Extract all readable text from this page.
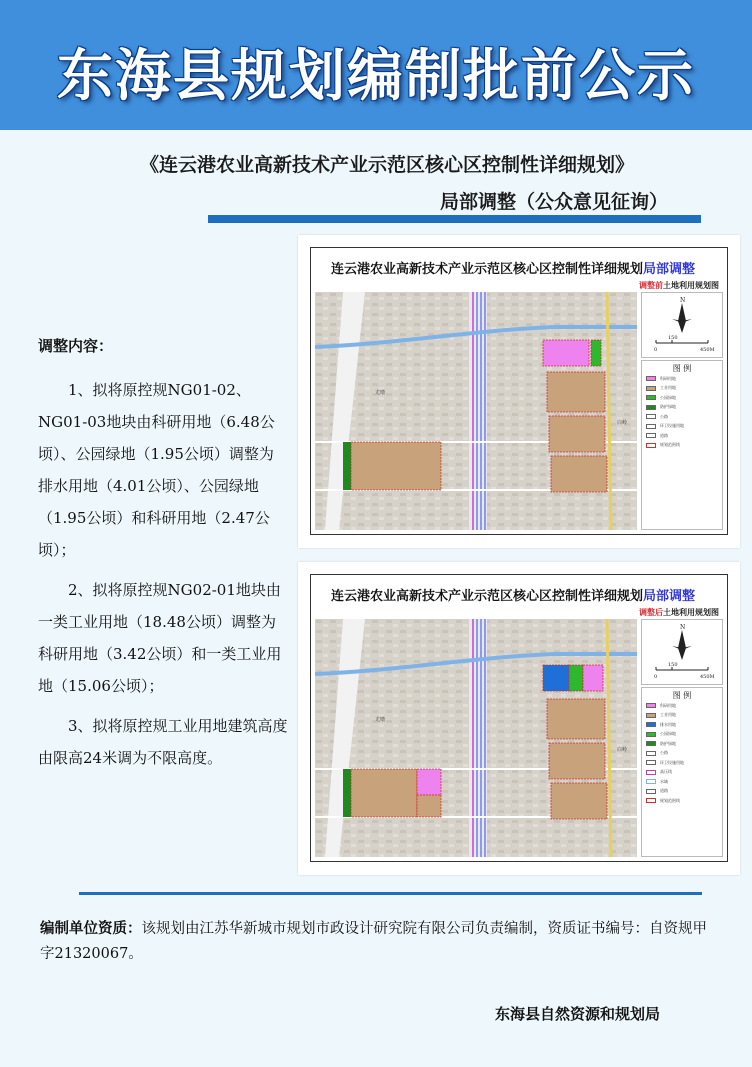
东海县规划编制批前公示
《连云港农业高新技术产业示范区核心区控制性详细规划》
局部调整（公众意见征询）
调整内容：

1、拟将原控规NG01-02、NG01-03地块由科研用地（6.48公顷）、公园绿地（1.95公顷）调整为排水用地（4.01公顷）、公园绿地（1.95公顷）和科研用地（2.47公顷）；

2、拟将原控规NG02-01地块由一类工业用地（18.48公顷）调整为科研用地（3.42公顷）和一类工业用地（15.06公顷）；

3、拟将原控规工业用地建筑高度由限高24米调为不限高度。

连云港农业高新技术产业示范区核心区控制性详细规划局部调整
调整前土地利用规划图
尤墩
白岭
N
0
150
450M
图 例
科研用地
工业用地
公园绿地
防护绿地
公路
环卫设施用地
道路
规划范围线
连云港农业高新技术产业示范区核心区控制性详细规划局部调整
调整后土地利用规划图
尤墩
白岭
N
0
150
450M
图 例
科研用地
工业用地
排水用地
公园绿地
防护绿地
公路
环卫设施用地
高压线
水域
道路
规划范围线
编制单位资质：该规划由江苏华新城市规划市政设计研究院有限公司负责编制，资质证书编号：自资规甲字21320067。
东海县自然资源和规划局
